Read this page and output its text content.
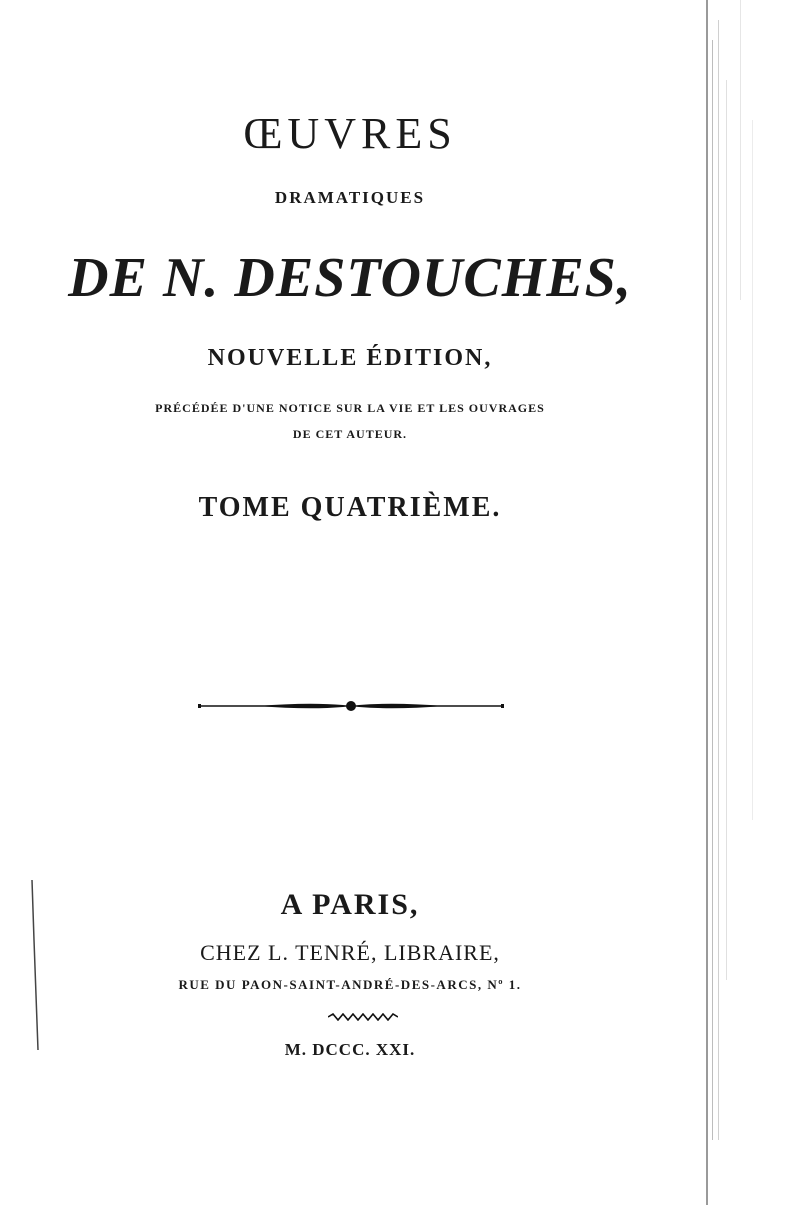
ŒUVRES
DRAMATIQUES
DE N. DESTOUCHES,
NOUVELLE ÉDITION,
PRÉCÉDÉE D'UNE NOTICE SUR LA VIE ET LES OUVRAGES
DE CET AUTEUR.
TOME QUATRIÈME.
A PARIS,
CHEZ L. TENRÉ, LIBRAIRE,
RUE DU PAON-SAINT-ANDRÉ-DES-ARCS, Nº 1.
M. DCCC. XXI.
